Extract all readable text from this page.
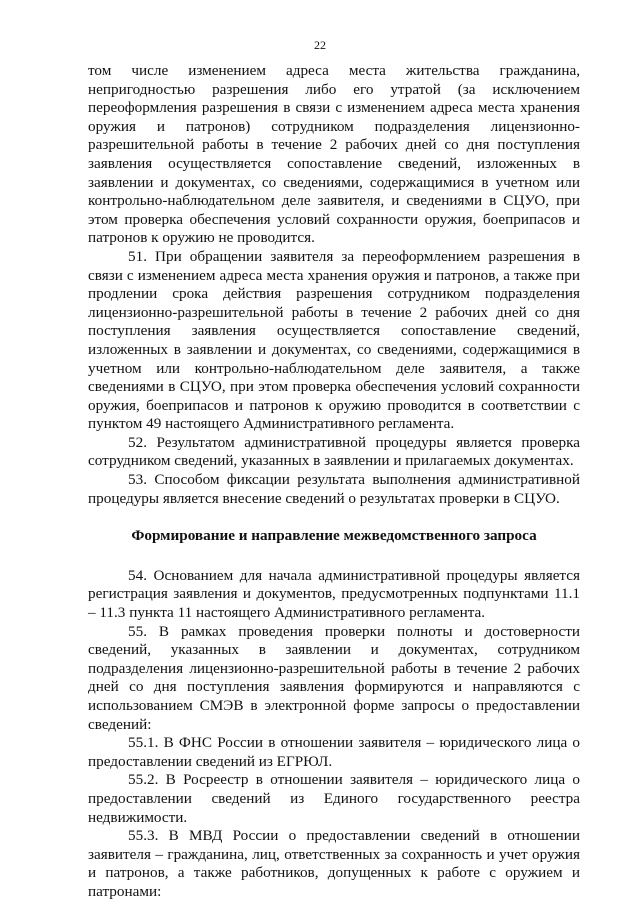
22

том числе изменением адреса места жительства гражданина, непригодностью разрешения либо его утратой (за исключением переоформления разрешения в связи с изменением адреса места хранения оружия и патронов) сотрудником подразделения лицензионно-разрешительной работы в течение 2 рабочих дней со дня поступления заявления осуществляется сопоставление сведений, изложенных в заявлении и документах, со сведениями, содержащимися в учетном или контрольно-наблюдательном деле заявителя, и сведениями в СЦУО, при этом проверка обеспечения условий сохранности оружия, боеприпасов и патронов к оружию не проводится.

51. При обращении заявителя за переоформлением разрешения в связи с изменением адреса места хранения оружия и патронов, а также при продлении срока действия разрешения сотрудником подразделения лицензионно-разрешительной работы в течение 2 рабочих дней со дня поступления заявления осуществляется сопоставление сведений, изложенных в заявлении и документах, со сведениями, содержащимися в учетном или контрольно-наблюдательном деле заявителя, а также сведениями в СЦУО, при этом проверка обеспечения условий сохранности оружия, боеприпасов и патронов к оружию проводится в соответствии с пунктом 49 настоящего Административного регламента.

52. Результатом административной процедуры является проверка сотрудником сведений, указанных в заявлении и прилагаемых документах.

53. Способом фиксации результата выполнения административной процедуры является внесение сведений о результатах проверки в СЦУО.

Формирование и направление межведомственного запроса

54. Основанием для начала административной процедуры является регистрация заявления и документов, предусмотренных подпунктами 11.1 – 11.3 пункта 11 настоящего Административного регламента.

55. В рамках проведения проверки полноты и достоверности сведений, указанных в заявлении и документах, сотрудником подразделения лицензионно-разрешительной работы в течение 2 рабочих дней со дня поступления заявления формируются и направляются с использованием СМЭВ в электронной форме запросы о предоставлении сведений:

55.1. В ФНС России в отношении заявителя – юридического лица о предоставлении сведений из ЕГРЮЛ.

55.2. В Росреестр в отношении заявителя – юридического лица о предоставлении сведений из Единого государственного реестра недвижимости.

55.3. В МВД России о предоставлении сведений в отношении заявителя – гражданина, лиц, ответственных за сохранность и учет оружия и патронов, а также работников, допущенных к работе с оружием и патронами:
